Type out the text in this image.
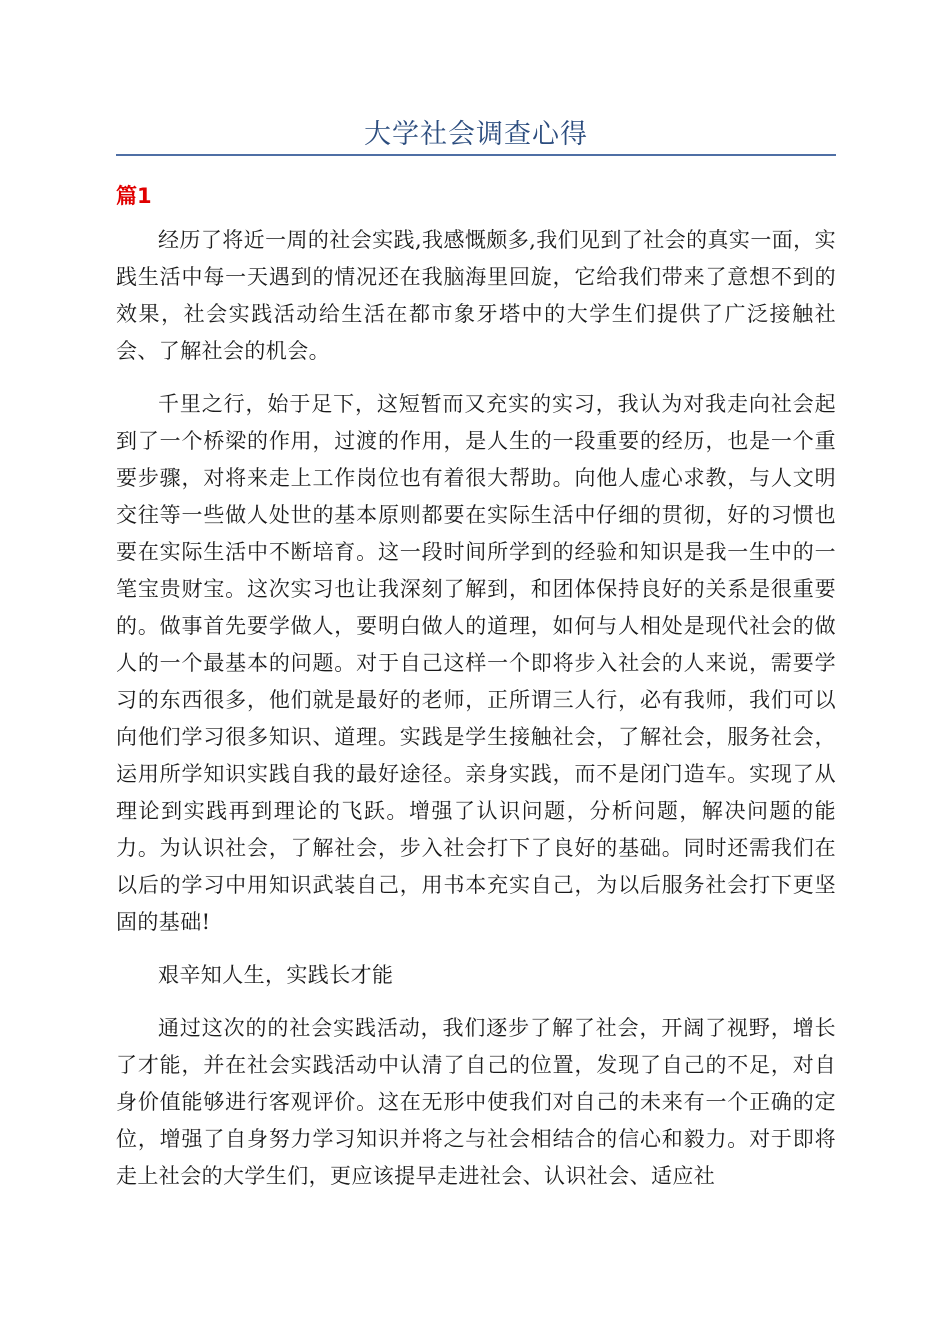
大学社会调查心得
篇1

经历了将近一周的社会实践,我感慨颇多,我们见到了社会的真实一面，实践生活中每一天遇到的情况还在我脑海里回旋，它给我们带来了意想不到的效果，社会实践活动给生活在都市象牙塔中的大学生们提供了广泛接触社会、了解社会的机会。

千里之行，始于足下，这短暂而又充实的实习，我认为对我走向社会起到了一个桥梁的作用，过渡的作用，是人生的一段重要的经历，也是一个重要步骤，对将来走上工作岗位也有着很大帮助。向他人虚心求教，与人文明交往等一些做人处世的基本原则都要在实际生活中仔细的贯彻，好的习惯也要在实际生活中不断培育。这一段时间所学到的经验和知识是我一生中的一笔宝贵财宝。这次实习也让我深刻了解到，和团体保持良好的关系是很重要的。做事首先要学做人，要明白做人的道理，如何与人相处是现代社会的做人的一个最基本的问题。对于自己这样一个即将步入社会的人来说，需要学习的东西很多，他们就是最好的老师，正所谓三人行，必有我师，我们可以向他们学习很多知识、道理。实践是学生接触社会，了解社会，服务社会，运用所学知识实践自我的最好途径。亲身实践，而不是闭门造车。实现了从理论到实践再到理论的飞跃。增强了认识问题，分析问题，解决问题的能力。为认识社会，了解社会，步入社会打下了良好的基础。同时还需我们在以后的学习中用知识武装自己，用书本充实自己，为以后服务社会打下更坚固的基础!

艰辛知人生，实践长才能

通过这次的的社会实践活动，我们逐步了解了社会，开阔了视野，增长了才能，并在社会实践活动中认清了自己的位置，发现了自己的不足，对自身价值能够进行客观评价。这在无形中使我们对自己的未来有一个正确的定位，增强了自身努力学习知识并将之与社会相结合的信心和毅力。对于即将走上社会的大学生们，更应该提早走进社会、认识社会、适应社
